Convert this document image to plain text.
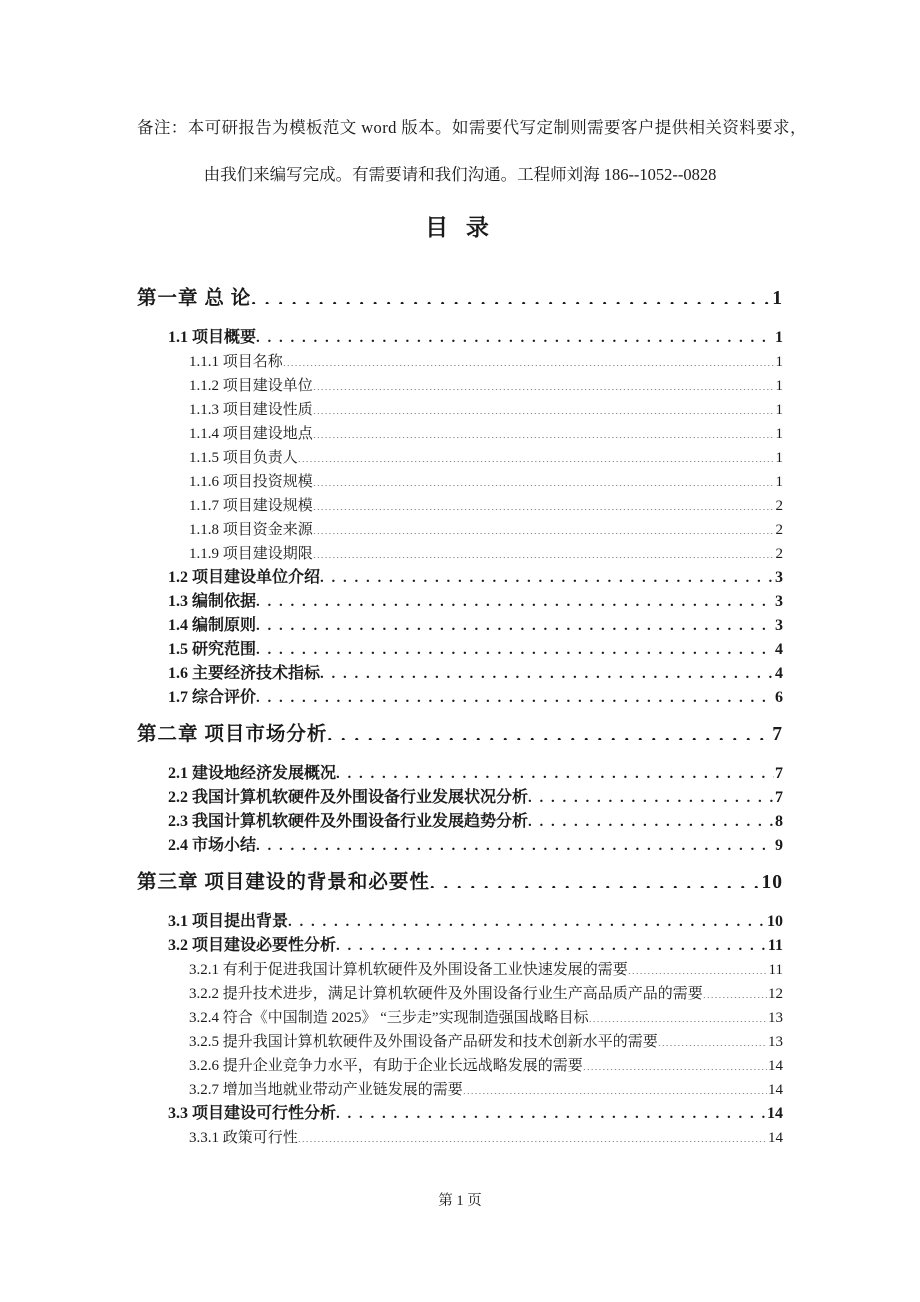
备注：本可研报告为模板范文 word 版本。如需要代写定制则需要客户提供相关资料要求，
由我们来编写完成。有需要请和我们沟通。工程师刘海 186--1052--0828

目 录
第一章 总 论 . . .	1
1.1 项目概要 . . .	1
1.1.1 项目名称 .....	1
1.1.2 项目建设单位 .....	1
1.1.3 项目建设性质 .....	1
1.1.4 项目建设地点 .....	1
1.1.5 项目负责人 .....	1
1.1.6 项目投资规模 .....	1
1.1.7 项目建设规模 .....	2
1.1.8 项目资金来源 .....	2
1.1.9 项目建设期限 .....	2
1.2 项目建设单位介绍 . . .	3
1.3 编制依据 . . .	3
1.4 编制原则 . . .	3
1.5 研究范围 . . .	4
1.6 主要经济技术指标 . . .	4
1.7 综合评价 . . .	6
第二章 项目市场分析 . . .	7
2.1 建设地经济发展概况 . . .	7
2.2 我国计算机软硬件及外围设备行业发展状况分析 . . .	7
2.3 我国计算机软硬件及外围设备行业发展趋势分析 . . .	8
2.4 市场小结 . . .	9
第三章 项目建设的背景和必要性 . . .	10
3.1 项目提出背景 . . .	10
3.2 项目建设必要性分析 . . .	11
3.2.1 有利于促进我国计算机软硬件及外围设备工业快速发展的需要 .....	11
3.2.2 提升技术进步，满足计算机软硬件及外围设备行业生产高品质产品的需要 .....	12
3.2.4 符合《中国制造 2025》 “三步走”实现制造强国战略目标 .....	13
3.2.5 提升我国计算机软硬件及外围设备产品研发和技术创新水平的需要 .....	13
3.2.6 提升企业竞争力水平，有助于企业长远战略发展的需要 .....	14
3.2.7 增加当地就业带动产业链发展的需要 .....	14
3.3 项目建设可行性分析 . . .	14
3.3.1 政策可行性 .....	14
第 1 页
